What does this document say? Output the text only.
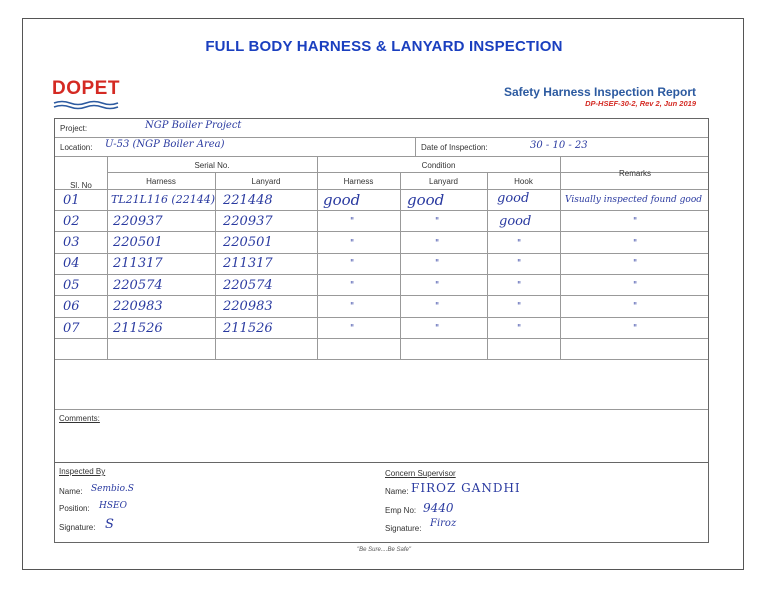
FULL BODY HARNESS & LANYARD INSPECTION
DOPET	Safety Harness Inspection Report
DP-HSEF-30-2, Rev 2, Jun 2019
Project:	NGP Boiler Project
Location: U-53 (NGP Boiler Area)	Date of Inspection:	30 - 10 - 23
Sl. No
Serial No.
Harness	Lanyard
Condition
Harness	Lanyard	Hook
Remarks
01	TL21L116 (22144) 221448	good	good	good	Visually inspected found good
02	220937	220937	"	"	good	"
03	220501	220501	"	"	"	"
04	211317	211317	"	"	"	"
05	220574	220574	"	"	"	"
06	220983	220983	"	"	"	"
07	211526	211526	"	"	"	"
Comments:
Inspected By
Name: Sembio.S
Position: HSEO
Signature: S
Concern Supervisor
Name: FIROZ GANDHI
Emp No: 9440
Signature: Firoz
"Be Sure....Be Safe"
